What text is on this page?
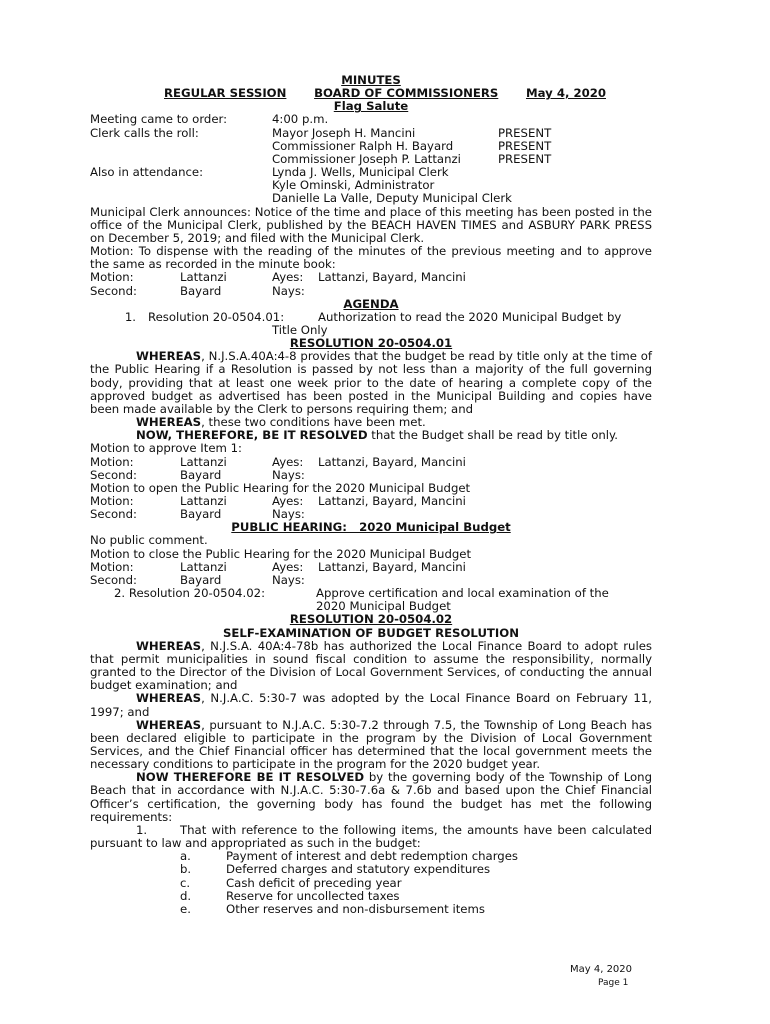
MINUTES
REGULAR SESSION BOARD OF COMMISSIONERS May 4, 2020
Flag Salute
Meeting came to order:	4:00 p.m.
Clerk calls the roll:	Mayor Joseph H. Mancini	PRESENT
Commissioner Ralph H. Bayard	PRESENT
Commissioner Joseph P. Lattanzi	PRESENT
Also in attendance:	Lynda J. Wells, Municipal Clerk
Kyle Ominski, Administrator
Danielle La Valle, Deputy Municipal Clerk
Municipal Clerk announces: Notice of the time and place of this meeting has been posted in the office of the Municipal Clerk, published by the BEACH HAVEN TIMES and ASBURY PARK PRESS on December 5, 2019; and filed with the Municipal Clerk.
Motion: To dispense with the reading of the minutes of the previous meeting and to approve the same as recorded in the minute book:
Motion:	Lattanzi	Ayes:	Lattanzi, Bayard, Mancini
Second:	Bayard	Nays:
AGENDA
1. Resolution 20-0504.01:	Authorization to read the 2020 Municipal Budget by
Title Only
RESOLUTION 20-0504.01
WHEREAS, N.J.S.A.40A:4-8 provides that the budget be read by title only at the time of the Public Hearing if a Resolution is passed by not less than a majority of the full governing body, providing that at least one week prior to the date of hearing a complete copy of the approved budget as advertised has been posted in the Municipal Building and copies have been made available by the Clerk to persons requiring them; and
WHEREAS, these two conditions have been met.
NOW, THEREFORE, BE IT RESOLVED that the Budget shall be read by title only.
Motion to approve Item 1:
Motion:	Lattanzi	Ayes:	Lattanzi, Bayard, Mancini
Second:	Bayard	Nays:
Motion to open the Public Hearing for the 2020 Municipal Budget
Motion:	Lattanzi	Ayes:	Lattanzi, Bayard, Mancini
Second:	Bayard	Nays:
PUBLIC HEARING:   2020 Municipal Budget
No public comment.
Motion to close the Public Hearing for the 2020 Municipal Budget
Motion:	Lattanzi	Ayes:	Lattanzi, Bayard, Mancini
Second:	Bayard	Nays:
2. Resolution 20-0504.02:	Approve certification and local examination of the
2020 Municipal Budget
RESOLUTION 20-0504.02
SELF-EXAMINATION OF BUDGET RESOLUTION
WHEREAS, N.J.S.A. 40A:4-78b has authorized the Local Finance Board to adopt rules that permit municipalities in sound fiscal condition to assume the responsibility, normally granted to the Director of the Division of Local Government Services, of conducting the annual budget examination; and
WHEREAS, N.J.A.C. 5:30-7 was adopted by the Local Finance Board on February 11, 1997; and
WHEREAS, pursuant to N.J.A.C. 5:30-7.2 through 7.5, the Township of Long Beach has been declared eligible to participate in the program by the Division of Local Government Services, and the Chief Financial officer has determined that the local government meets the necessary conditions to participate in the program for the 2020 budget year.
NOW THEREFORE BE IT RESOLVED by the governing body of the Township of Long Beach that in accordance with N.J.A.C. 5:30-7.6a & 7.6b and based upon the Chief Financial Officer’s certification, the governing body has found the budget has met the following requirements:
1.	That with reference to the following items, the amounts have been calculated pursuant to law and appropriated as such in the budget:
a.	Payment of interest and debt redemption charges
b.	Deferred charges and statutory expenditures
c.	Cash deficit of preceding year
d.	Reserve for uncollected taxes
e.	Other reserves and non-disbursement items
May 4, 2020
Page 1
